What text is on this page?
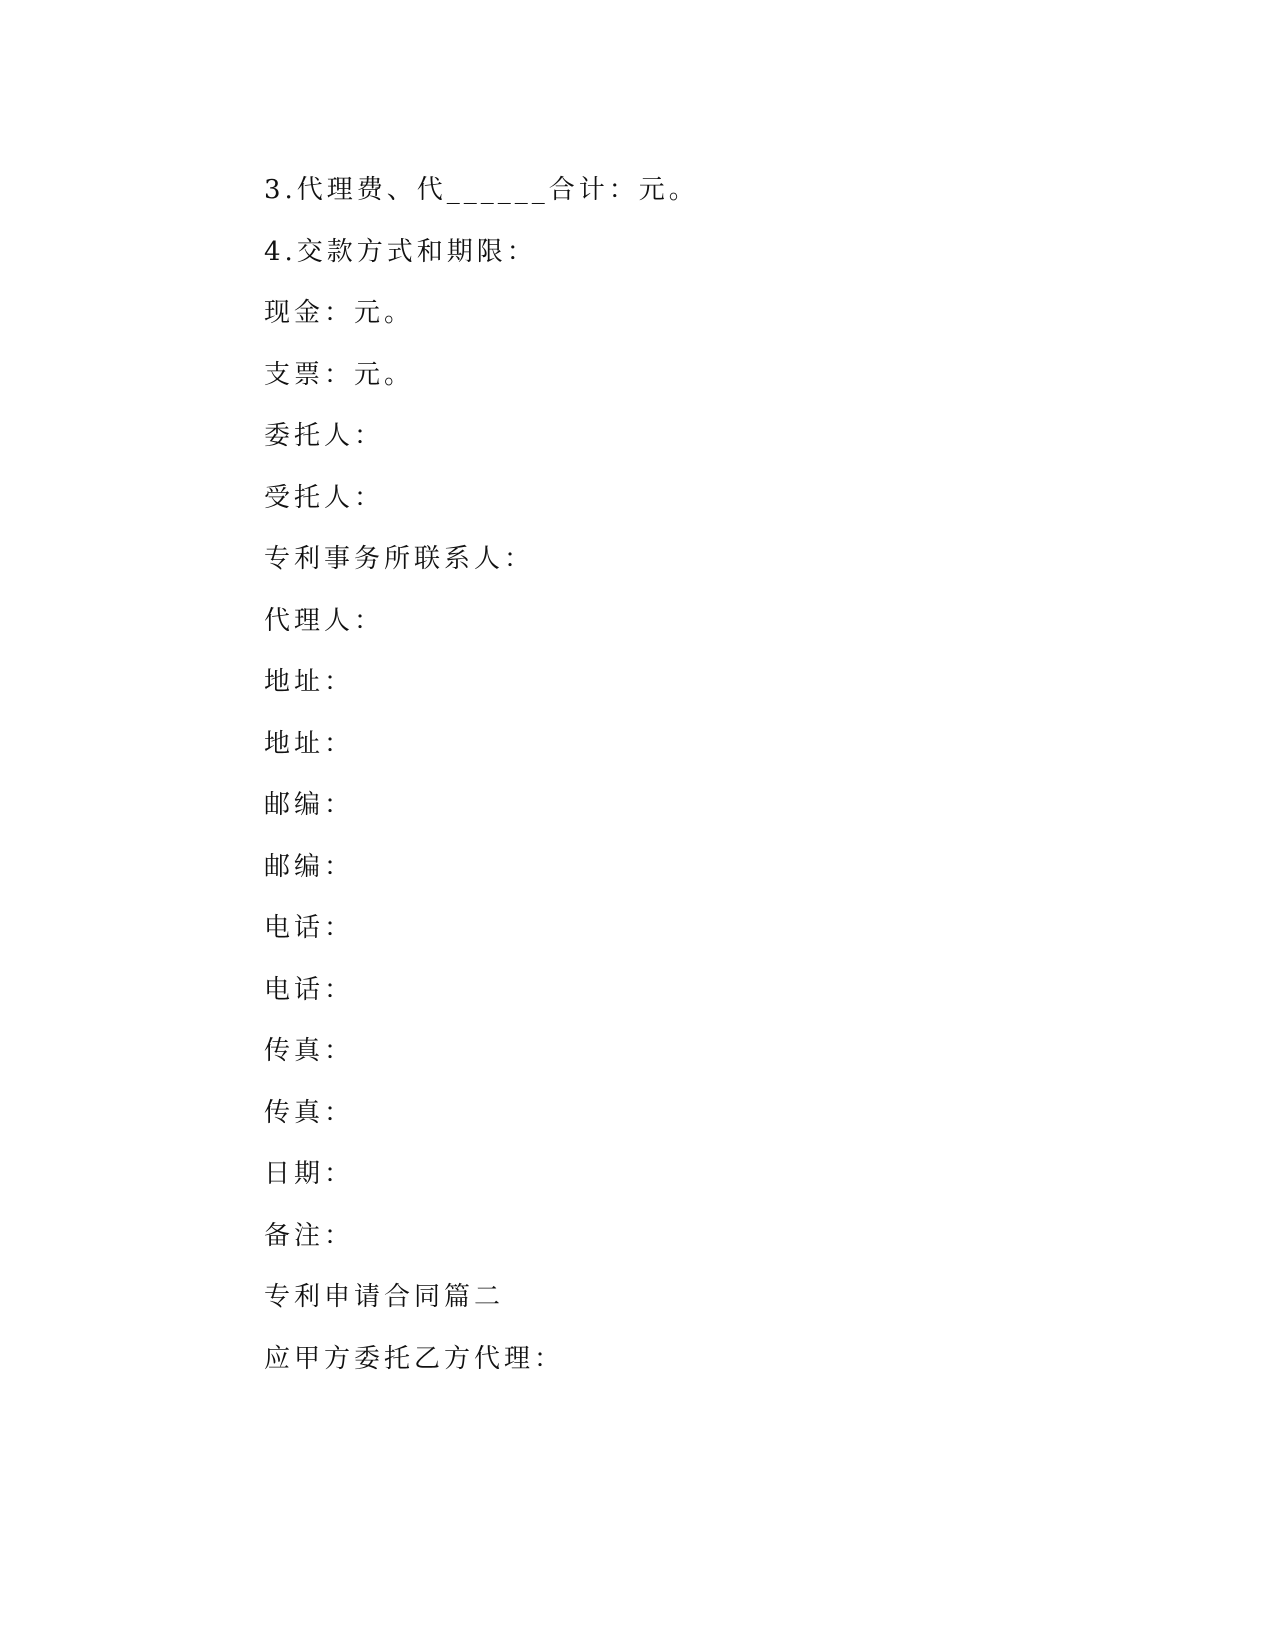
3.代理费、代______合计：元。
4.交款方式和期限：
现金：元。
支票：元。
委托人：
受托人：
专利事务所联系人：
代理人：
地址：
地址：
邮编：
邮编：
电话：
电话：
传真：
传真：
日期：
备注：
专利申请合同篇二
应甲方委托乙方代理：
